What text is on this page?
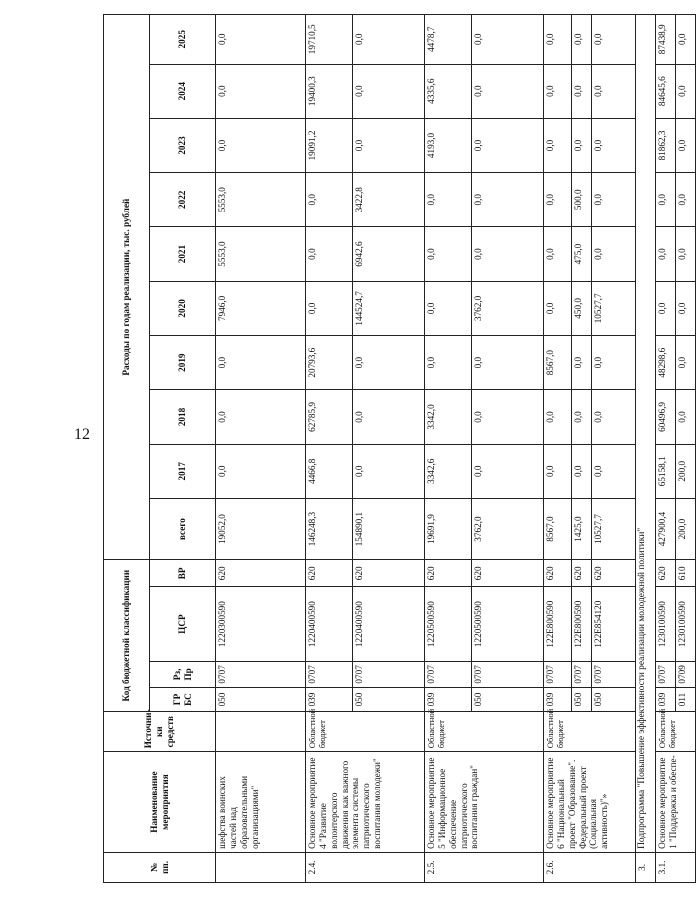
12
№ пп.	Наименование мероприятия	Источни-ки средств	Код бюджетной классификации				Расходы по годам реализации, тыс. рублей									
			ГР БС	Рз, Пр	ЦСР	ВР	всего	2017	2018	2019	2020	2021	2022	2023	2024	2025
	шефства воинских частей над образовательными организациями"		050	0707	1220300590	620	19052,0	0,0	0,0	0,0	7946,0	5553,0	5553,0	0,0	0,0	0,0
2.4.	Основное мероприятие 4 "Развитие волонтерского движения как важного элемента системы патриотического воспитания молодежи"	Областной бюджет	039	0707	1220400590	620	146248,3	4466,8	62785,9	20793,6	0,0	0,0	0,0	19091,2	19400,3	19710,5
			050	0707	1220400590	620	154890,1	0,0	0,0	0,0	144524,7	6942,6	3422,8	0,0	0,0	0,0
2.5.	Основное мероприятие 5 "Информационное обеспечение патриотического воспитания граждан"	Областной бюджет	039	0707	1220500590	620	19691,9	3342,6	3342,0	0,0	0,0	0,0	0,0	4193,0	4335,6	4478,7
			050	0707	1220500590	620	3762,0	0,0	0,0	0,0	3762,0	0,0	0,0	0,0	0,0	0,0
2.6.	Основное мероприятие 6 "Национальный проект "Образование". Федеральный проект (Социальная активность)"»	Областной бюджет	039	0707	122E800590	620	8567,0	0,0	0,0	8567,0	0,0	0,0	0,0	0,0	0,0	0,0
			050	0707	122E800590	620	1425,0	0,0	0,0	0,0	450,0	475,0	500,0	0,0	0,0	0,0
			050	0707	122E854120	620	10527,7	0,0	0,0	0,0	10527,7	0,0	0,0	0,0	0,0	0,0
3.	Подпрограмма "Повышение эффективности реализации молодежной политики"															
3.1.	Основное мероприятие 1 "Поддержка и обеспе-	Областной бюджет	039	0707	1230100590	620	427900,4	65158,1	60496,9	48298,6	0,0	0,0	0,0	81862,3	84645,6	87438,9
			011	0709	1230100590	610	200,0	200,0	0,0	0,0	0,0	0,0	0,0	0,0	0,0	0,0
